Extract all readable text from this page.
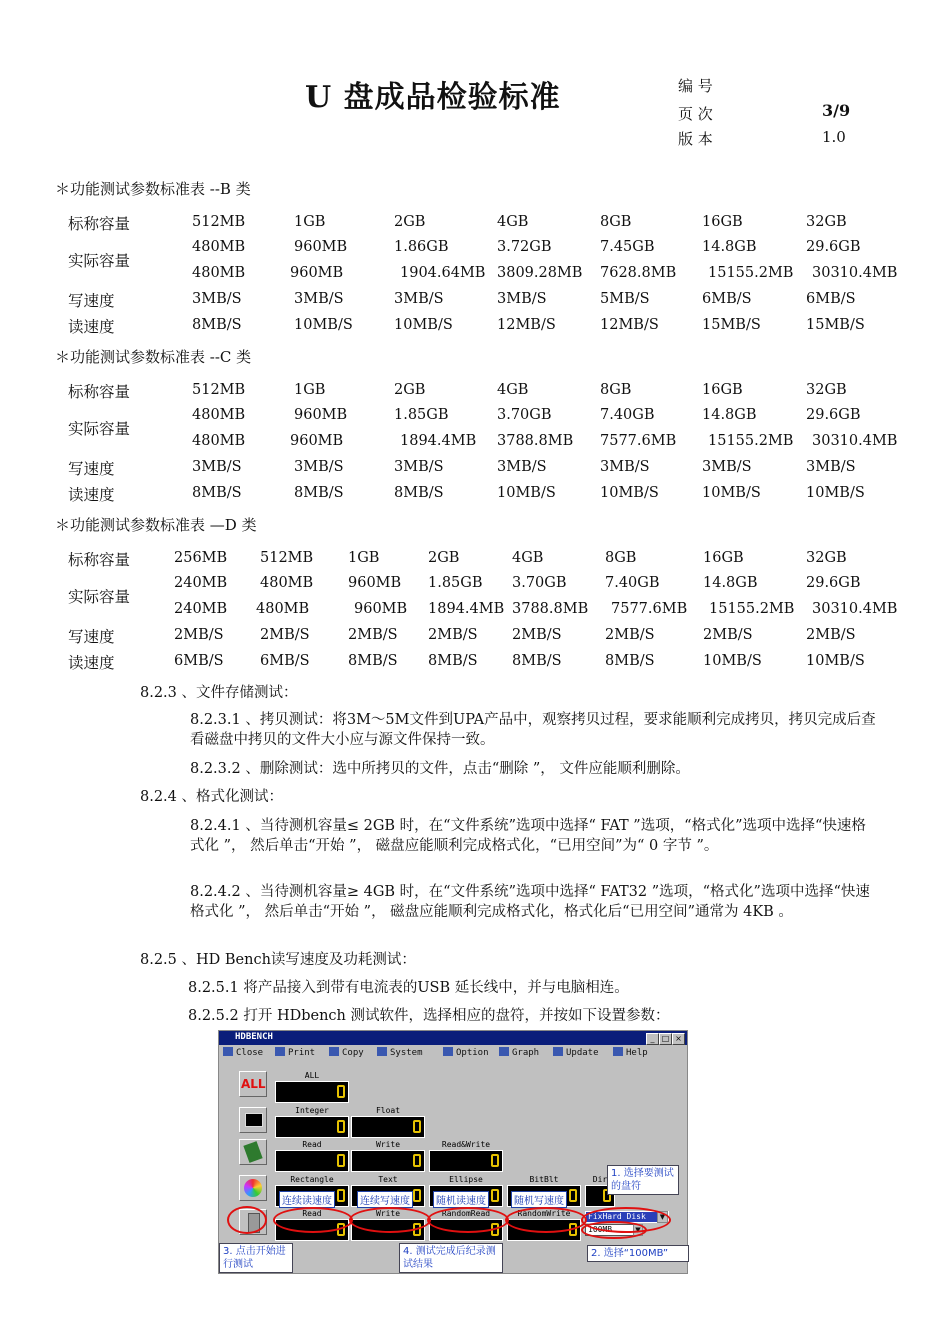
U 盘成品检验标准	编 号
页 次	3/9
版 本	1.0
＊功能测试参数标准表 --B 类
标称容量	512MB	1GB	2GB	4GB	8GB	16GB	32GB
实际容量
480MB	960MB	1.86GB	3.72GB	7.45GB	14.8GB	29.6GB
480MB	960MB	1904.64MB 3809.28MB 7628.8MB 15155.2MB 30310.4MB
写速度	3MB/S	3MB/S	3MB/S	3MB/S	5MB/S	6MB/S	6MB/S
读速度	8MB/S	10MB/S	10MB/S	12MB/S	12MB/S	15MB/S	15MB/S
＊功能测试参数标准表 --C 类
标称容量	512MB	1GB	2GB	4GB	8GB	16GB	32GB
实际容量
480MB	960MB	1.85GB	3.70GB	7.40GB	14.8GB	29.6GB
480MB	960MB	1894.4MB 3788.8MB 7577.6MB 15155.2MB 30310.4MB
写速度	3MB/S	3MB/S	3MB/S	3MB/S	3MB/S	3MB/S	3MB/S
读速度	8MB/S	8MB/S	8MB/S	10MB/S	10MB/S	10MB/S	10MB/S
＊功能测试参数标准表 —D 类
标称容量	256MB 512MB 1GB	2GB	4GB	8GB	16GB	32GB
实际容量
240MB 480MB 960MB 1.85GB 3.70GB	7.40GB	14.8GB	29.6GB
240MB 480MB	960MB 1894.4MB 3788.8MB 7577.6MB 15155.2MB 30310.4MB
写速度	2MB/S	2MB/S	2MB/S 2MB/S 2MB/S	2MB/S	2MB/S	2MB/S
读速度	6MB/S	6MB/S	8MB/S 8MB/S 8MB/S	8MB/S	10MB/S	10MB/S
8.2.3 、文件存储测试：
8.2.3.1 、拷贝测试：将3M～5M文件到UPA产品中，观察拷贝过程，要求能顺利完成拷贝，拷贝完成后查看磁盘中拷贝的文件大小应与源文件保持一致。
8.2.3.2 、删除测试：选中所拷贝的文件，点击“删除 ”， 文件应能顺利删除。
8.2.4 、格式化测试：
8.2.4.1 、当待测机容量≤ 2GB 时，在“文件系统”选项中选择“ FAT ”选项，“格式化”选项中选择“快速格式化 ”， 然后单击“开始 ”， 磁盘应能顺利完成格式化，“已用空间”为“ 0 字节 ”。
8.2.4.2 、当待测机容量≥ 4GB 时，在“文件系统”选项中选择“ FAT32 ”选项，“格式化”选项中选择“快速格式化 ”， 然后单击“开始 ”， 磁盘应能顺利完成格式化，格式化后“已用空间”通常为 4KB 。
8.2.5 、HD Bench读写速度及功耗测试：
8.2.5.1 将产品接入到带有电流表的USB 延长线中，并与电脑相连。
8.2.5.2 打开 HDbench 测试软件，选择相应的盘符，并按如下设置参数：
HDBENCH	_ □ ×
Close	Print	Copy	System	Option	Graph	Update	Help
ALL
ALL
Integer	Float
Read	Write	Read&Write
Rectangle	Text	Ellipse	BitBlt	Dir
Read	Write	RandomRead	RandomWrite	FixHard Disk	▼
100MB	▼
连续读速度	连续写速度	随机读速度	随机写速度
1. 选择要测试的盘符
2. 选择“100MB”
3. 点击开始进行测试
4. 测试完成后纪录测试结果
